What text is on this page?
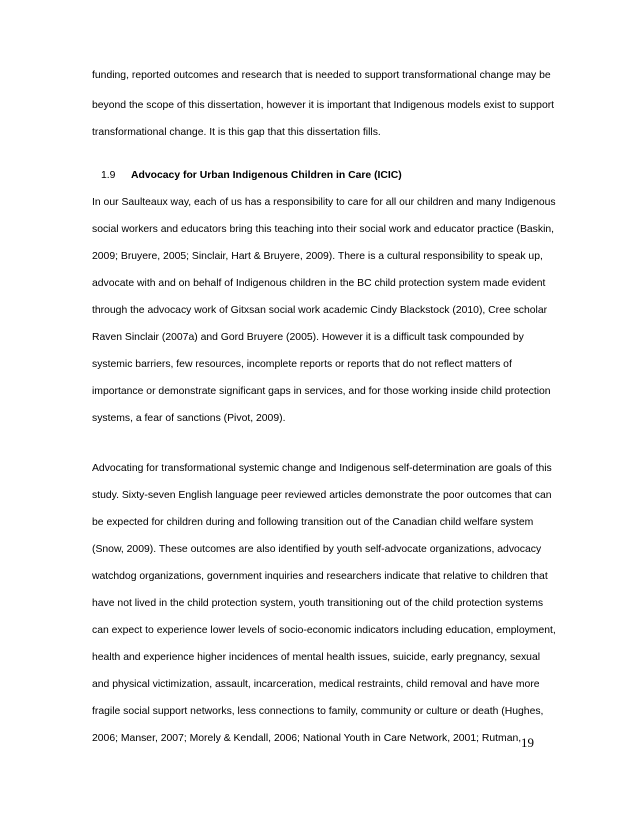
funding, reported outcomes and research that is needed to support transformational change may be
beyond the scope of this dissertation, however it is important that Indigenous models exist to support
transformational change. It is this gap that this dissertation fills.
1.9 Advocacy for Urban Indigenous Children in Care (ICIC)
In our Saulteaux way, each of us has a responsibility to care for all our children and many Indigenous
social workers and educators bring this teaching into their social work and educator practice (Baskin,
2009; Bruyere, 2005; Sinclair, Hart & Bruyere, 2009). There is a cultural responsibility to speak up,
advocate with and on behalf of Indigenous children in the BC child protection system made evident
through the advocacy work of Gitxsan social work academic Cindy Blackstock (2010), Cree scholar
Raven Sinclair (2007a) and Gord Bruyere (2005). However it is a difficult task compounded by
systemic barriers, few resources, incomplete reports or reports that do not reflect matters of
importance or demonstrate significant gaps in services, and for those working inside child protection
systems, a fear of sanctions (Pivot, 2009).
Advocating for transformational systemic change and Indigenous self-determination are goals of this
study. Sixty-seven English language peer reviewed articles demonstrate the poor outcomes that can
be expected for children during and following transition out of the Canadian child welfare system
(Snow, 2009). These outcomes are also identified by youth self-advocate organizations, advocacy
watchdog organizations, government inquiries and researchers indicate that relative to children that
have not lived in the child protection system, youth transitioning out of the child protection systems
can expect to experience lower levels of socio-economic indicators including education, employment,
health and experience higher incidences of mental health issues, suicide, early pregnancy, sexual
and physical victimization, assault, incarceration, medical restraints, child removal and have more
fragile social support networks, less connections to family, community or culture or death (Hughes,
2006; Manser, 2007; Morely & Kendall, 2006; National Youth in Care Network, 2001; Rutman, 19
